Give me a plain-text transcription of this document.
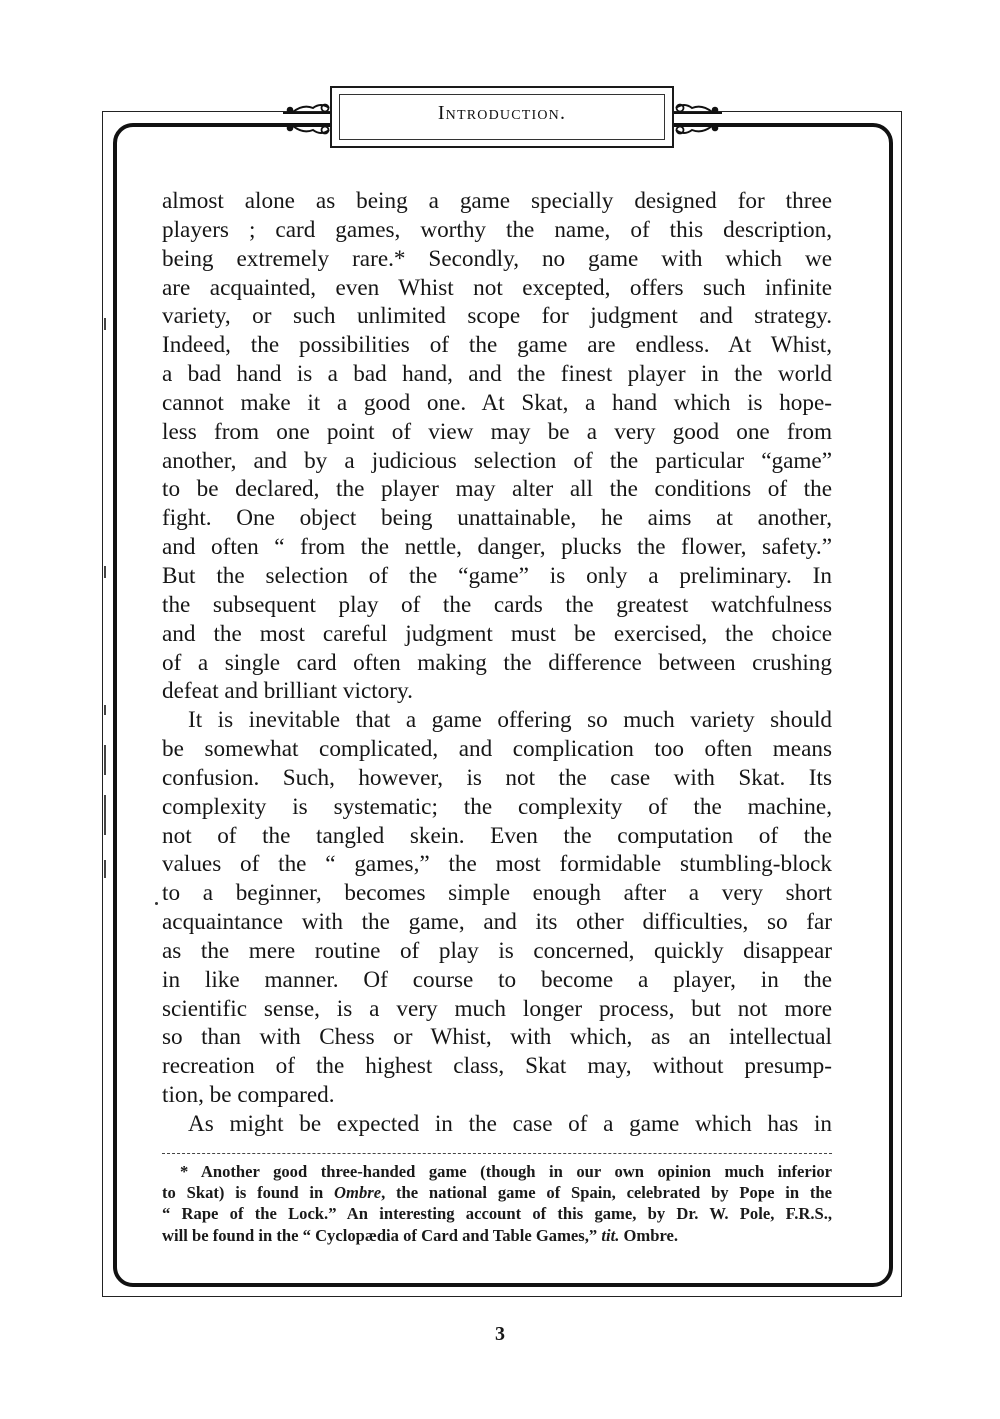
Introduction.
almost alone as being a game specially designed for three
players ; card games, worthy the name, of this description,
being extremely rare.* Secondly, no game with which we
are acquainted, even Whist not excepted, offers such infinite
variety, or such unlimited scope for judgment and strategy.
Indeed, the possibilities of the game are endless. At Whist,
a bad hand is a bad hand, and the finest player in the world
cannot make it a good one. At Skat, a hand which is hope-
less from one point of view may be a very good one from
another, and by a judicious selection of the particular “game”
to be declared, the player may alter all the conditions of the
fight. One object being unattainable, he aims at another,
and often “ from the nettle, danger, plucks the flower, safety.”
But the selection of the “game” is only a preliminary. In
the subsequent play of the cards the greatest watchfulness
and the most careful judgment must be exercised, the choice
of a single card often making the difference between crushing
defeat and brilliant victory.
It is inevitable that a game offering so much variety should
be somewhat complicated, and complication too often means
confusion. Such, however, is not the case with Skat. Its
complexity is systematic; the complexity of the machine,
not of the tangled skein. Even the computation of the
values of the “ games,” the most formidable stumbling-block
to a beginner, becomes simple enough after a very short
acquaintance with the game, and its other difficulties, so far
as the mere routine of play is concerned, quickly disappear
in like manner. Of course to become a player, in the
scientific sense, is a very much longer process, but not more
so than with Chess or Whist, with which, as an intellectual
recreation of the highest class, Skat may, without presump-
tion, be compared.
As might be expected in the case of a game which has in
* Another good three-handed game (though in our own opinion much inferior
to Skat) is found in Ombre, the national game of Spain, celebrated by Pope in the
“ Rape of the Lock.” An interesting account of this game, by Dr. W. Pole, F.R.S.,
will be found in the “ Cyclopædia of Card and Table Games,” tit. Ombre.
3
